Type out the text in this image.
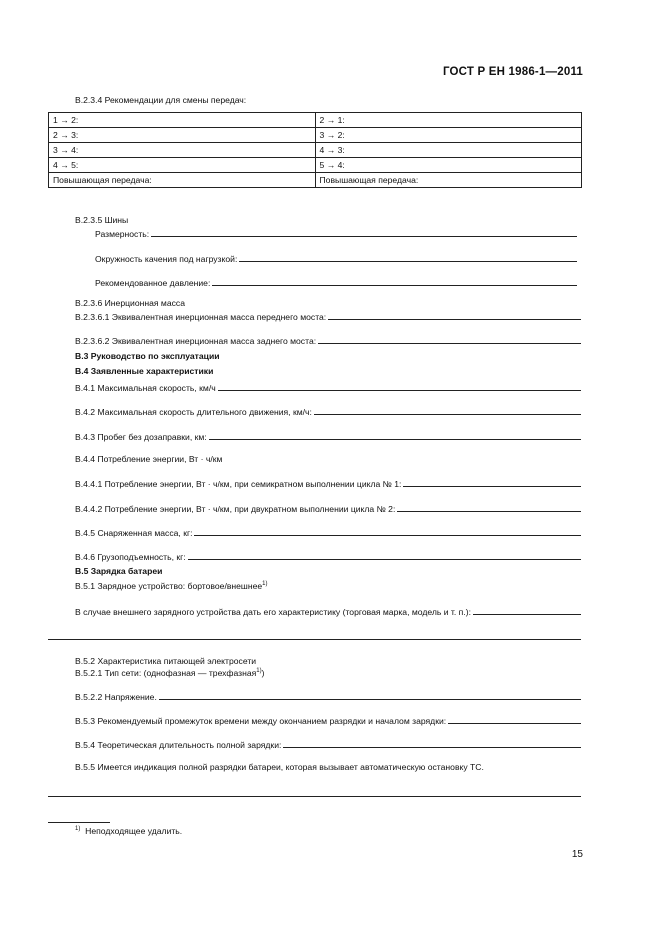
ГОСТ Р ЕН 1986-1—2011
B.2.3.4 Рекомендации для смены передач:
1 → 2:	2 → 1:
2 → 3:	3 → 2:
3 → 4:	4 → 3:
4 → 5:	5 → 4:
Повышающая передача:	Повышающая передача:
B.2.3.5 Шины
Размерность:
Окружность качения под нагрузкой:
Рекомендованное давление:
B.2.3.6 Инерционная масса
B.2.3.6.1 Эквивалентная инерционная масса переднего моста:
B.2.3.6.2 Эквивалентная инерционная масса заднего моста:
B.3 Руководство по эксплуатации
B.4 Заявленные характеристики
B.4.1 Максимальная скорость, км/ч
B.4.2 Максимальная скорость длительного движения, км/ч:
B.4.3 Пробег без дозаправки, км:
B.4.4 Потребление энергии, Вт · ч/км
B.4.4.1 Потребление энергии, Вт · ч/км, при семикратном выполнении цикла № 1:
B.4.4.2 Потребление энергии, Вт · ч/км, при двукратном выполнении цикла № 2:
B.4.5 Снаряженная масса, кг:
B.4.6 Грузоподъемность, кг:
B.5 Зарядка батареи
B.5.1 Зарядное устройство: бортовое/внешнее$^{1)}$
В случае внешнего зарядного устройства дать его характеристику (торговая марка, модель и т. п.):
B.5.2 Характеристика питающей электросети
B.5.2.1 Тип сети: (однофазная — трехфазная$^{1)}$)
B.5.2.2 Напряжение.
B.5.3 Рекомендуемый промежуток времени между окончанием разрядки и началом зарядки:
B.5.4 Теоретическая длительность полной зарядки:
B.5.5 Имеется индикация полной разрядки батареи, которая вызывает автоматическую остановку ТС.
$^{1)}$ Неподходящее удалить.
15
